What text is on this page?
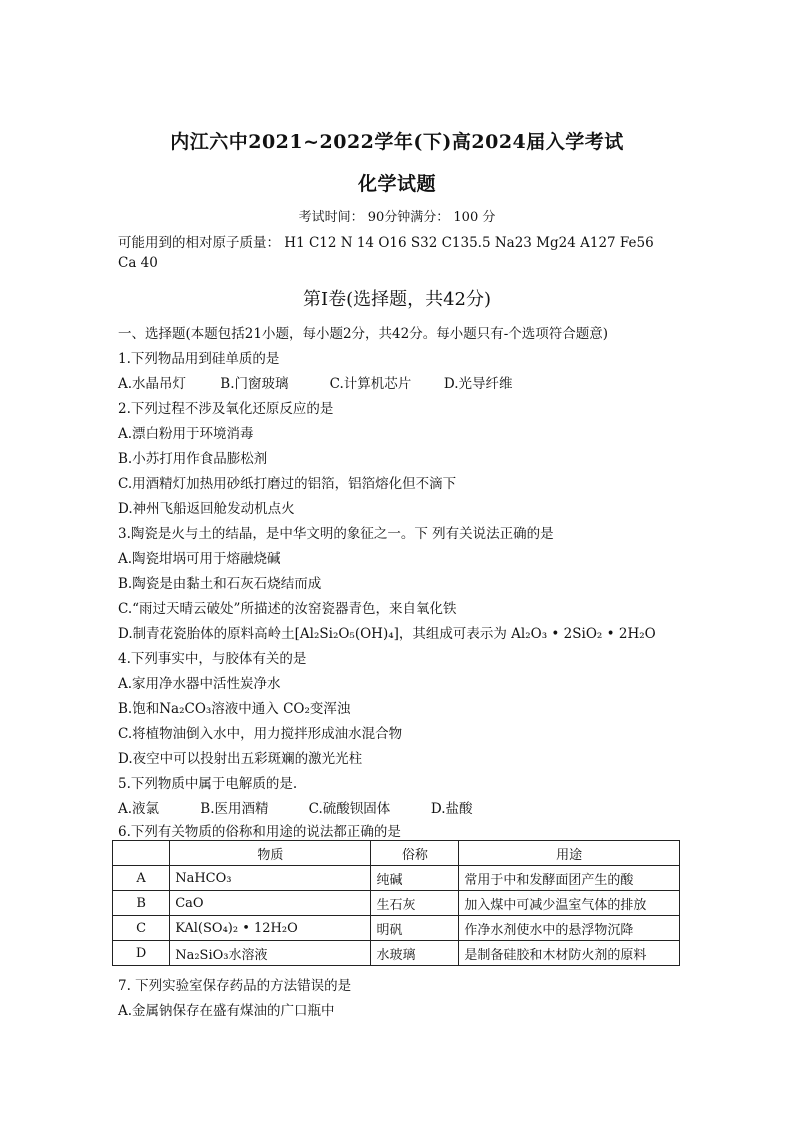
内江六中2021~2022学年(下)高2024届入学考试
化学试题
考试时间： 90分钟满分： 100 分
可能用到的相对原子质量： H1 C12 N 14 O16 S32 C135.5 Na23 Mg24 A127 Fe56
Ca 40
第I卷(选择题，共42分)
一、选择题(本题包括21小题，每小题2分，共42分。每小题只有-个选项符合题意)
1.下列物品用到硅单质的是
A.水晶吊灯	B.门窗玻璃	C.计算机芯片 D.光导纤维
2.下列过程不涉及氧化还原反应的是
A.漂白粉用于环境消毒
B.小苏打用作食品膨松剂
C.用酒精灯加热用砂纸打磨过的铝箔，铝箔熔化但不滴下
D.神州飞船返回舱发动机点火
3.陶瓷是火与土的结晶，是中华文明的象征之一。下 列有关说法正确的是
A.陶瓷坩埚可用于熔融烧碱
B.陶瓷是由黏土和石灰石烧结而成
C.“雨过天晴云破处”所描述的汝窑瓷器青色，来自氧化铁
D.制青花瓷胎体的原料高岭土[Al₂Si₂O₅(OH)₄]，其组成可表示为 Al₂O₃ • 2SiO₂ • 2H₂O
4.下列事实中，与胶体有关的是
A.家用净水器中活性炭净水
B.饱和Na₂CO₃溶液中通入 CO₂变浑浊
C.将植物油倒入水中，用力搅拌形成油水混合物
D.夜空中可以投射出五彩斑斓的激光光柱
5.下列物质中属于电解质的是.
A.液氯	B.医用酒精	C.硫酸钡固体	D.盐酸
6.下列有关物质的俗称和用途的说法都正确的是
	物质	俗称	用途
A	NaHCO₃	纯碱	常用于中和发酵面团产生的酸
B	CaO	生石灰	加入煤中可减少温室气体的排放
C	KAl(SO₄)₂ • 12H₂O	明矾	作净水剂使水中的悬浮物沉降
D	Na₂SiO₃水溶液	水玻璃	是制备硅胶和木材防火剂的原料
7. 下列实验室保存药品的方法错误的是
A.金属钠保存在盛有煤油的广口瓶中
